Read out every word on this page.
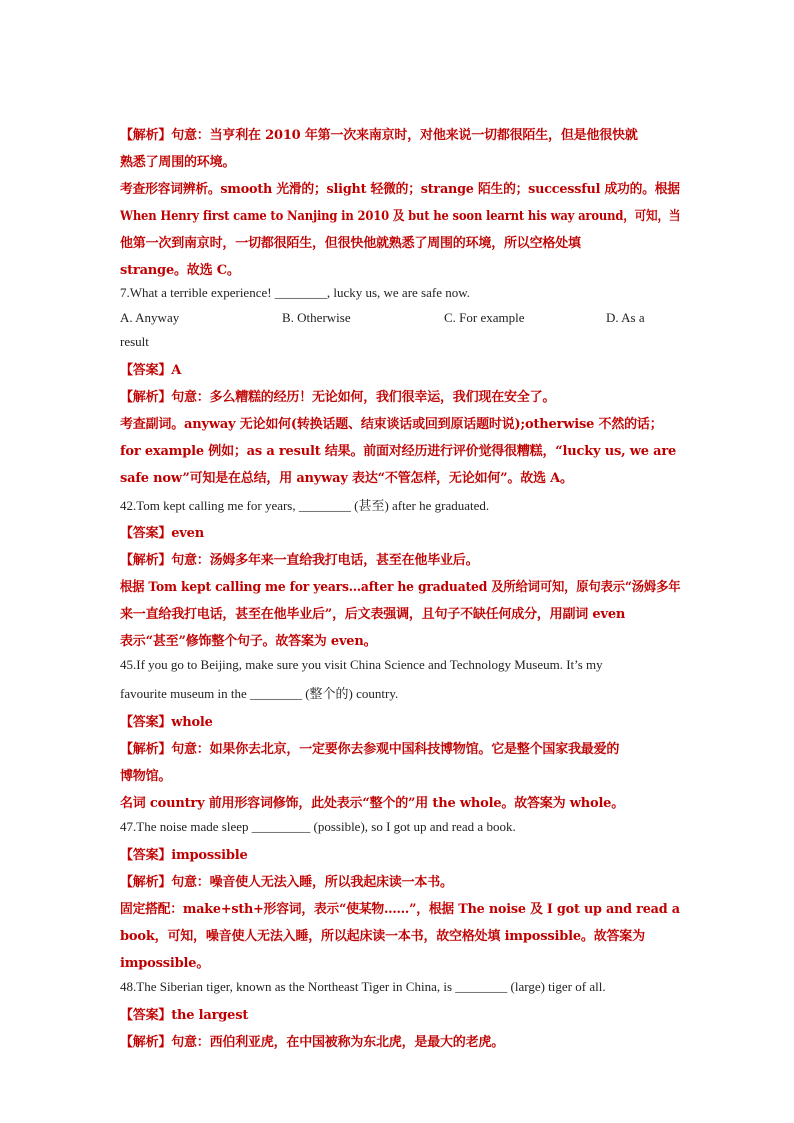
【解析】句意：当亨利在 2010 年第一次来南京时，对他来说一切都很陌生，但是他很快就
熟悉了周围的环境。
考查形容词辨析。smooth 光滑的；slight 轻微的；strange 陌生的；successful 成功的。根据
When Henry first came to Nanjing in 2010 及 but he soon learnt his way around，可知，当
他第一次到南京时，一切都很陌生，但很快他就熟悉了周围的环境，所以空格处填
strange。故选 C。
7.What a terrible experience! ________, lucky us, we are safe now.
A. Anyway	B. Otherwise	C. For example	D. As a
result
【答案】A
【解析】句意：多么糟糕的经历！无论如何，我们很幸运，我们现在安全了。
考查副词。anyway 无论如何(转换话题、结束谈话或回到原话题时说);otherwise 不然的话；
for example 例如；as a result 结果。前面对经历进行评价觉得很糟糕，“lucky us, we are
safe now”可知是在总结，用 anyway 表达“不管怎样，无论如何”。故选 A。
42.Tom kept calling me for years, ________ (甚至) after he graduated.
【答案】even
【解析】句意：汤姆多年来一直给我打电话，甚至在他毕业后。
根据 Tom kept calling me for years…after he graduated 及所给词可知，原句表示“汤姆多年
来一直给我打电话，甚至在他毕业后”，后文表强调，且句子不缺任何成分，用副词 even
表示“甚至”修饰整个句子。故答案为 even。
45.If you go to Beijing, make sure you visit China Science and Technology Museum. It’s my
favourite museum in the ________ (整个的) country.
【答案】whole
【解析】句意：如果你去北京，一定要你去参观中国科技博物馆。它是整个国家我最爱的
博物馆。
名词 country 前用形容词修饰，此处表示“整个的”用 the whole。故答案为 whole。
47.The noise made sleep _________ (possible), so I got up and read a book.
【答案】impossible
【解析】句意：噪音使人无法入睡，所以我起床读一本书。
固定搭配：make+sth+形容词，表示“使某物……”，根据 The noise 及 I got up and read a
book，可知，噪音使人无法入睡，所以起床读一本书，故空格处填 impossible。故答案为
impossible。
48.The Siberian tiger, known as the Northeast Tiger in China, is ________ (large) tiger of all.
【答案】the largest
【解析】句意：西伯利亚虎，在中国被称为东北虎，是最大的老虎。
